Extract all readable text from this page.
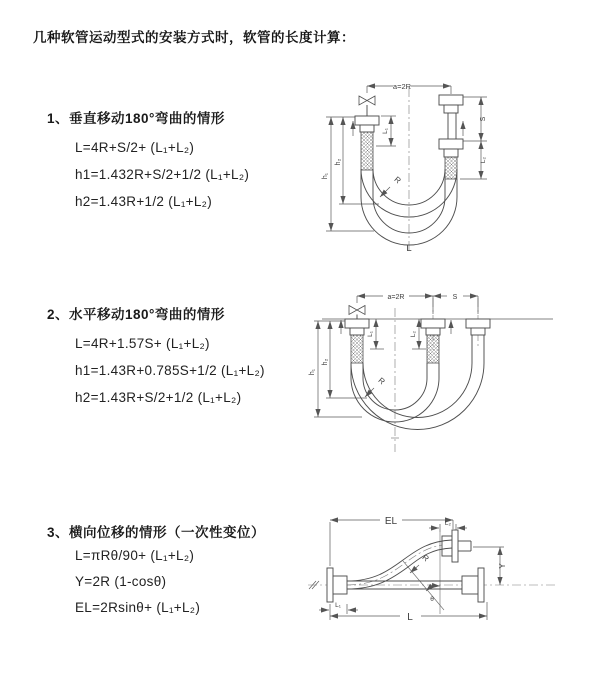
几种软管运动型式的安装方式时，软管的长度计算：
1、垂直移动180°弯曲的情形
L=4R+S/2+ (L₁+L₂)
h1=1.432R+S/2+1/2 (L₁+L₂)
h2=1.43R+1/2 (L₁+L₂)
a=2R
h₁
h₂
L₁
S
L₂
R
L
2、水平移动180°弯曲的情形
L=4R+1.57S+ (L₁+L₂)
h1=1.43R+0.785S+1/2 (L₁+L₂)
h2=1.43R+S/2+1/2 (L₁+L₂)
a=2R	S
h₁
h₂
L₁	L₂
R
3、横向位移的情形（一次性变位）
L=πRθ/90+ (L₁+L₂)
Y=2R (1-cosθ)
EL=2Rsinθ+ (L₁+L₂)
EL	L₂
Y
L
L₁
R
θ
